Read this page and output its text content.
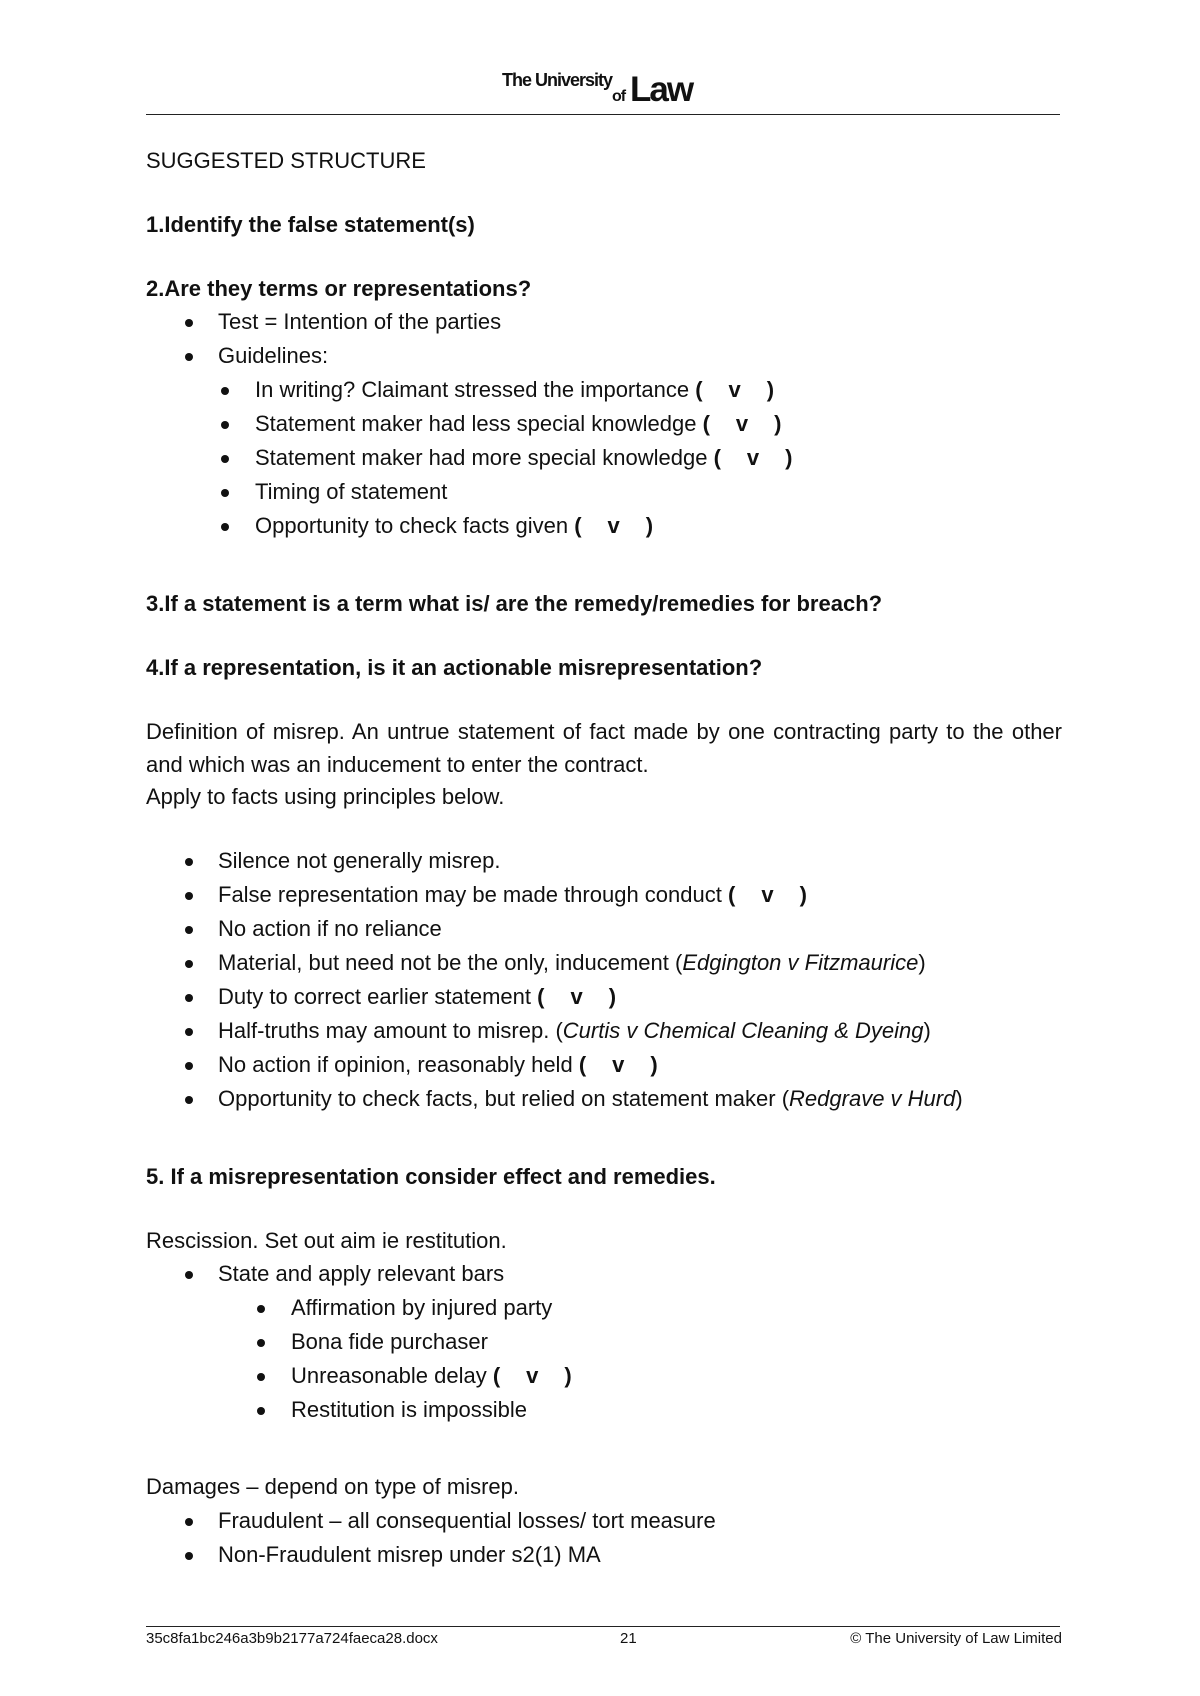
The University
of Law
SUGGESTED STRUCTURE
1.Identify the false statement(s)
2.Are they terms or representations?
Test = Intention of the parties
Guidelines:
In writing? Claimant stressed the importance ( v )
Statement maker had less special knowledge ( v )
Statement maker had more special knowledge ( v )
Timing of statement
Opportunity to check facts given ( v )
3.If a statement is a term what is/ are the remedy/remedies for breach?
4.If a representation, is it an actionable misrepresentation?
Definition of misrep. An untrue statement of fact made by one contracting party to the other and which was an inducement to enter the contract.
Apply to facts using principles below.
Silence not generally misrep.
False representation may be made through conduct ( v )
No action if no reliance
Material, but need not be the only, inducement (Edgington v Fitzmaurice)
Duty to correct earlier statement ( v )
Half-truths may amount to misrep. (Curtis v Chemical Cleaning & Dyeing)
No action if opinion, reasonably held ( v )
Opportunity to check facts, but relied on statement maker (Redgrave v Hurd)
5. If a misrepresentation consider effect and remedies.
Rescission. Set out aim ie restitution.
State and apply relevant bars
Affirmation by injured party
Bona fide purchaser
Unreasonable delay ( v )
Restitution is impossible
Damages – depend on type of misrep.
Fraudulent – all consequential losses/ tort measure
Non-Fraudulent misrep under s2(1) MA
35c8fa1bc246a3b9b2177a724faeca28.docx	21	© The University of Law Limited
